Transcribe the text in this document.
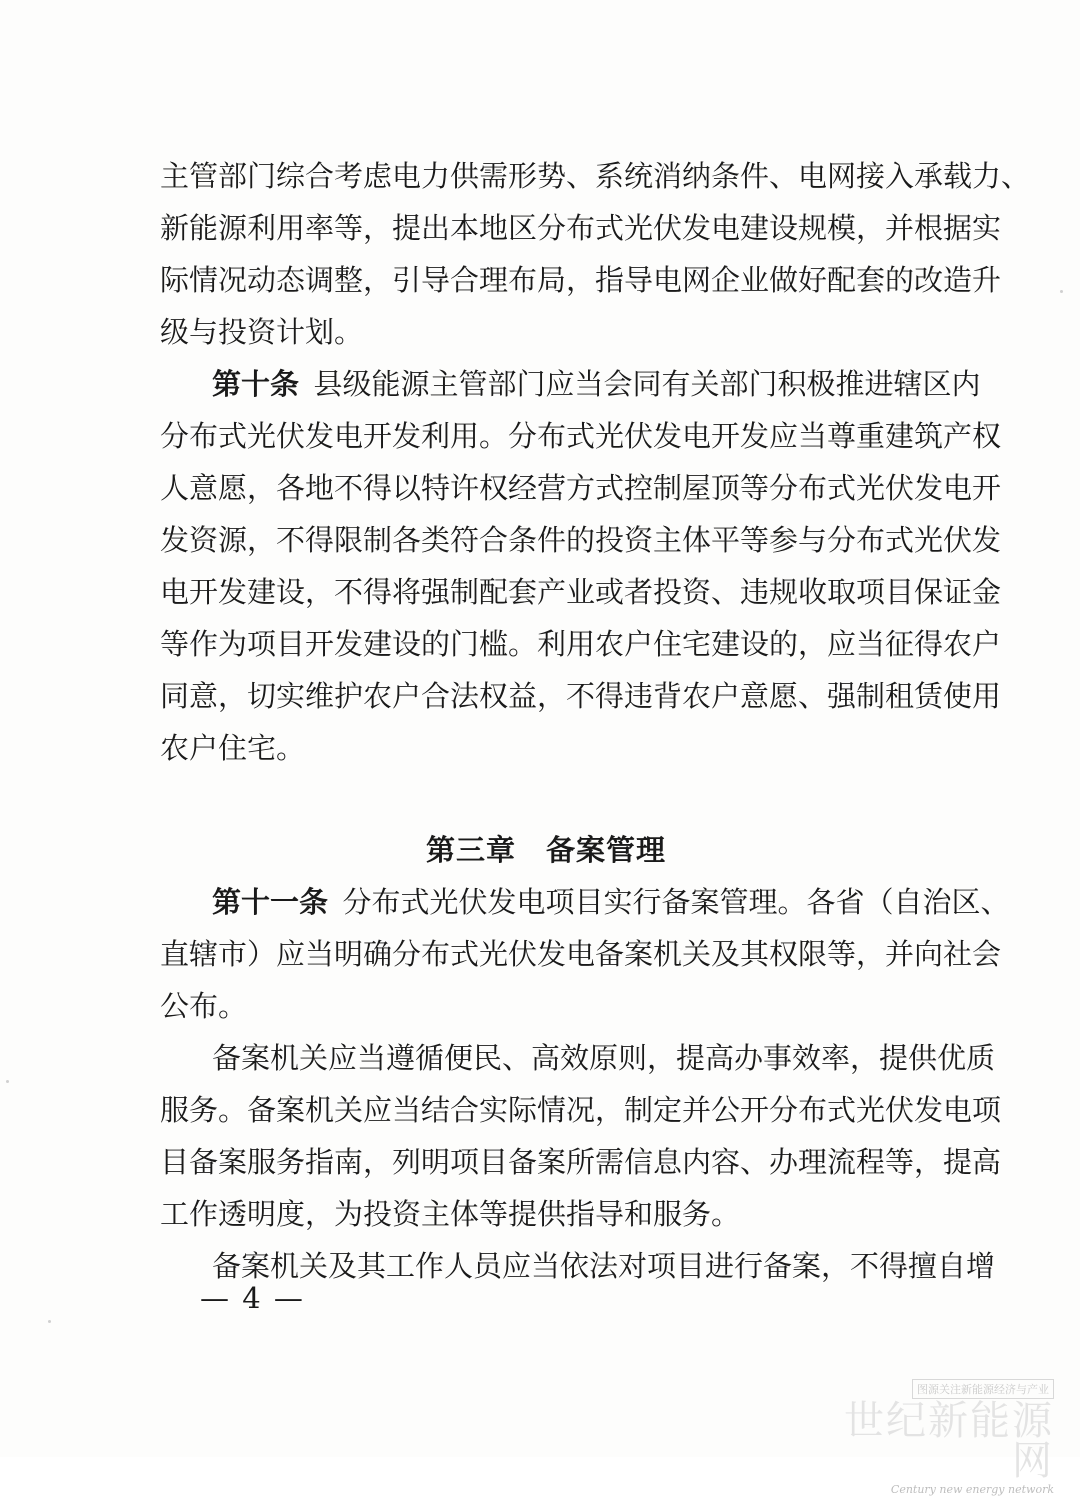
主管部门综合考虑电力供需形势、系统消纳条件、电网接入承载力、
新能源利用率等，提出本地区分布式光伏发电建设规模，并根据实
际情况动态调整，引导合理布局，指导电网企业做好配套的改造升
级与投资计划。
第十条  县级能源主管部门应当会同有关部门积极推进辖区内
分布式光伏发电开发利用。分布式光伏发电开发应当尊重建筑产权
人意愿，各地不得以特许权经营方式控制屋顶等分布式光伏发电开
发资源，不得限制各类符合条件的投资主体平等参与分布式光伏发
电开发建设，不得将强制配套产业或者投资、违规收取项目保证金
等作为项目开发建设的门槛。利用农户住宅建设的，应当征得农户
同意，切实维护农户合法权益，不得违背农户意愿、强制租赁使用
农户住宅。
第三章　备案管理
第十一条  分布式光伏发电项目实行备案管理。各省（自治区、
直辖市）应当明确分布式光伏发电备案机关及其权限等，并向社会
公布。
备案机关应当遵循便民、高效原则，提高办事效率，提供优质
服务。备案机关应当结合实际情况，制定并公开分布式光伏发电项
目备案服务指南，列明项目备案所需信息内容、办理流程等，提高
工作透明度，为投资主体等提供指导和服务。
备案机关及其工作人员应当依法对项目进行备案，不得擅自增
— 4 —
图源关注新能源经济与产业
世纪新能源网
Century new energy network
